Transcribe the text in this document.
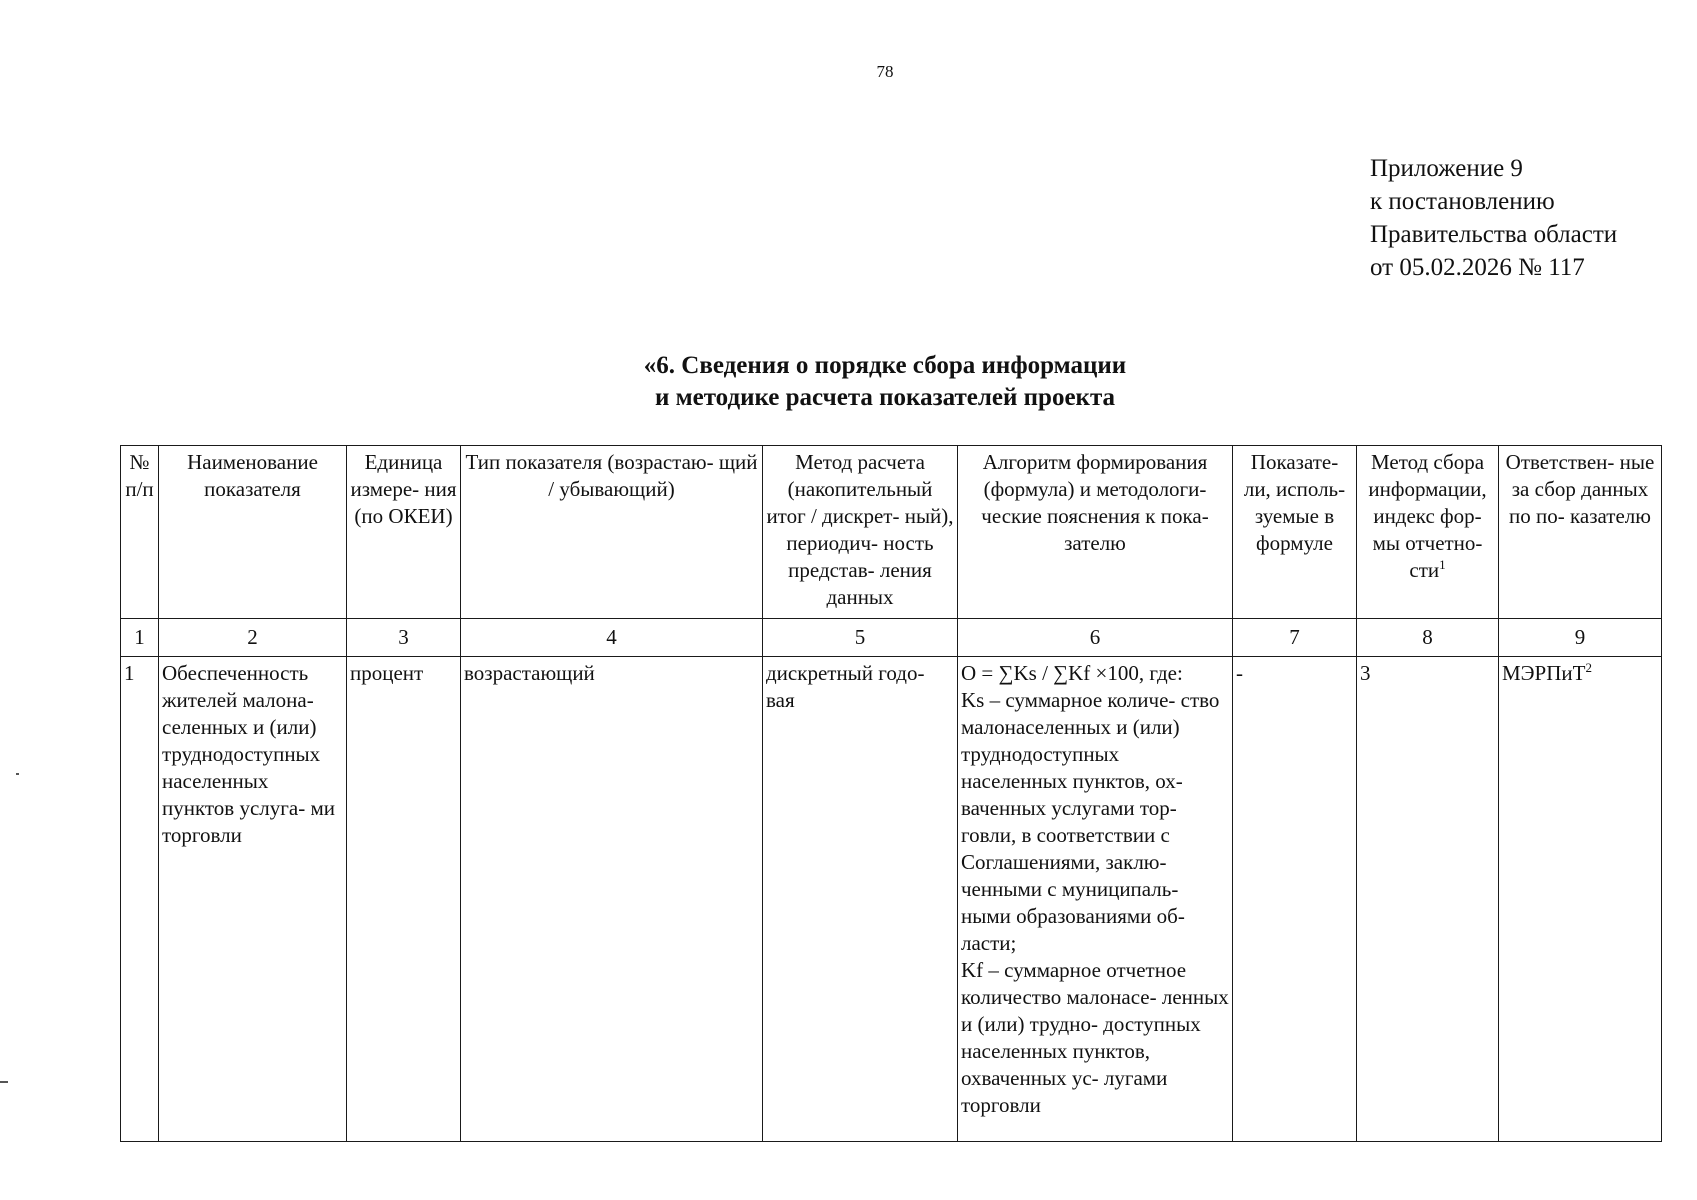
78
Приложение 9
к постановлению
Правительства области
от 05.02.2026 № 117
«6. Сведения о порядке сбора информации
и методике расчета показателей проекта
№ п/п	Наименование показателя	Единица измере- ния (по ОКЕИ)	Тип показателя (возрастаю- щий / убывающий)	Метод расчета (накопительный итог / дискрет- ный), периодич- ность представ- ления данных	Алгоритм формирования (формула) и методологи- ческие пояснения к пока- зателю	Показате- ли, исполь- зуемые в формуле	Метод сбора информации, индекс фор- мы отчетно- сти$^1$	Ответствен- ные за сбор данных по по- казателю
1	2	3	4	5	6	7	8	9
1	Обеспеченность жителей малона- селенных и (или) труднодоступных населенных пунктов услуга- ми торговли	процент	возрастающий	дискретный годо- вая	O = ∑Ks / ∑Kf ×100, где:
Ks – суммарное количе- ство малонаселенных и (или) труднодоступных населенных пунктов, ох- ваченных услугами тор- говли, в соответствии с Соглашениями, заклю- ченными с муниципаль- ными образованиями об- ласти;
Kf – суммарное отчетное количество малонасе- ленных и (или) трудно- доступных населенных пунктов, охваченных ус- лугами торговли	-	3	МЭРПиТ$^2$
